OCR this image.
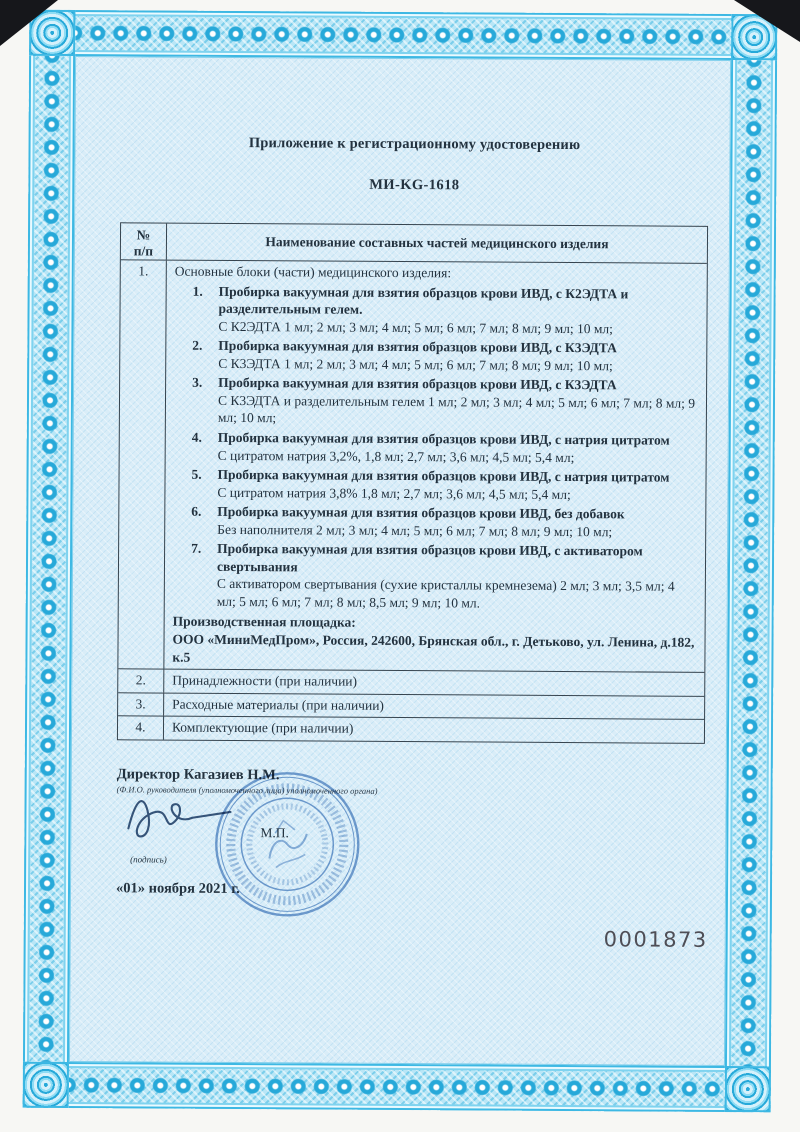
Приложение к регистрационному удостоверению
МИ-KG-1618
№
п/п	Наименование составных частей медицинского изделия
1.	Основные блоки (части) медицинского изделия:
1.	Пробирка вакуумная для взятия образцов крови ИВД, с К2ЭДТА и разделительным гелем.
С К2ЭДТА 1 мл; 2 мл; 3 мл; 4 мл; 5 мл; 6 мл; 7 мл; 8 мл; 9 мл; 10 мл;
2.	Пробирка вакуумная для взятия образцов крови ИВД, с К3ЭДТА
С К3ЭДТА 1 мл; 2 мл; 3 мл; 4 мл; 5 мл; 6 мл; 7 мл; 8 мл; 9 мл; 10 мл;
3.	Пробирка вакуумная для взятия образцов крови ИВД, с К3ЭДТА
С К3ЭДТА и разделительным гелем 1 мл; 2 мл; 3 мл; 4 мл; 5 мл; 6 мл; 7 мл; 8 мл; 9 мл; 10 мл;
4.	Пробирка вакуумная для взятия образцов крови ИВД, с натрия цитратом
С цитратом натрия 3,2%, 1,8 мл; 2,7 мл; 3,6 мл; 4,5 мл; 5,4 мл;
5.	Пробирка вакуумная для взятия образцов крови ИВД, с натрия цитратом
С цитратом натрия 3,8% 1,8 мл; 2,7 мл; 3,6 мл; 4,5 мл; 5,4 мл;
6.	Пробирка вакуумная для взятия образцов крови ИВД, без добавок
Без наполнителя 2 мл; 3 мл; 4 мл; 5 мл; 6 мл; 7 мл; 8 мл; 9 мл; 10 мл;
7.	Пробирка вакуумная для взятия образцов крови ИВД, с активатором свертывания
С активатором свертывания (сухие кристаллы кремнезема) 2 мл; 3 мл; 3,5 мл; 4 мл; 5 мл; 6 мл; 7 мл; 8 мл; 8,5 мл; 9 мл; 10 мл.
Производственная площадка:
ООО «МиниМедПром», Россия, 242600, Брянская обл., г. Детьково, ул. Ленина, д.182, к.5
2.	Принадлежности (при наличии)
3.	Расходные материалы (при наличии)
4.	Комплектующие (при наличии)
Директор Кагазиев Н.М.
(Ф.И.О. руководителя (уполномоченного лица) уполномоченного органа)
М.П.
(подпись)
«01» ноября 2021 г.
0001873
